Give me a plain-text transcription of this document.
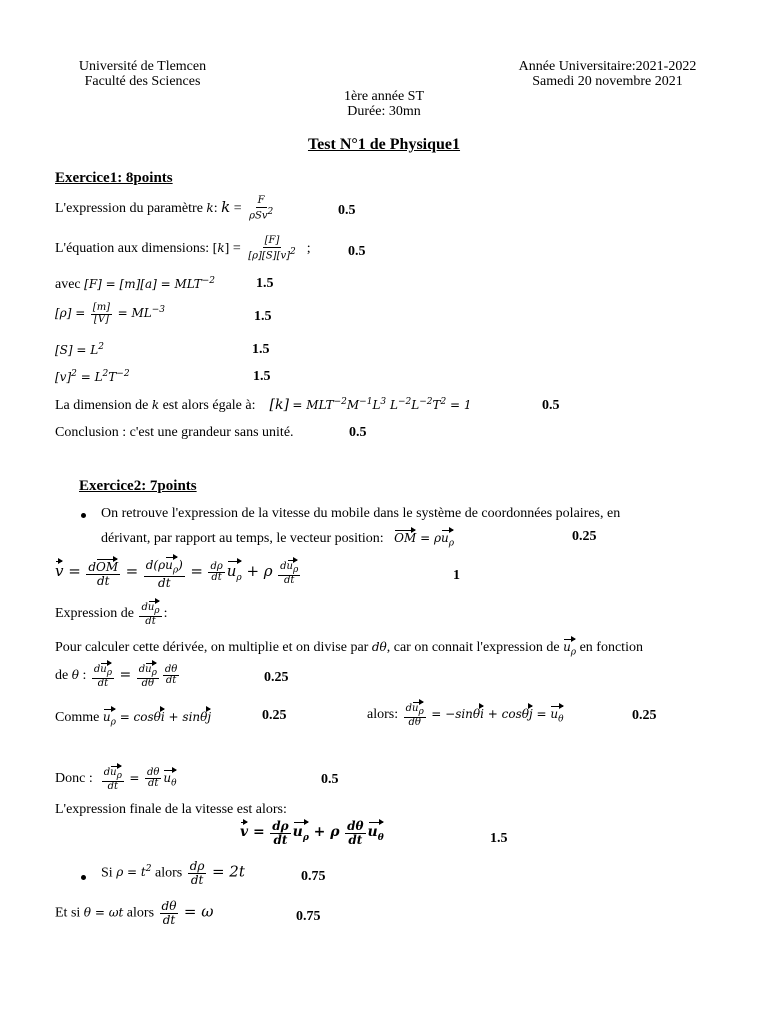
Université de Tlemcen
Faculté des Sciences
Année Universitaire:2021-2022
Samedi 20 novembre 2021
1ère année ST
Durée: 30mn
Test N°1 de Physique1
Exercice1: 8points
L'expression du paramètre k: $k = \frac{F}{\rho Sv^2}$	0.5
L'équation aux dimensions: $[k] = \frac{[F]}{[\rho][S][v]^2}$ ;	0.5
avec $[F] = [m][a] = MLT^{-2}$	1.5
$[\rho] = \frac{[m]}{[V]} = ML^{-3}$	1.5
$[S] = L^2$	1.5
$[v]^2 = L^2T^{-2}$	1.5
La dimension de k est alors égale à: $[k] = MLT^{-2}M^{-1}L^3$ $L^{-2}L^{-2}T^2 = 1$	0.5
Conclusion : c'est une grandeur sans unité.	0.5
Exercice2: 7points
On retrouve l'expression de la vitesse du mobile dans le système de coordonnées polaires, en
dérivant, par rapport au temps, le vecteur position: OM = $\rho u_\rho$	0.25
$v = \frac{\text{dOM}}{dt} = \frac{d(\rho u_\rho)}{dt} = \frac{d\rho}{dt} u_\rho + \rho \frac{du_\rho}{dt}$	1
Expression de $\frac{du_\rho}{dt}$ :
Pour calculer cette dérivée, on multiplie et on divise par dθ, car on connait l'expression de $u_\rho$ en fonction
de θ : $\frac{du_\rho}{dt} = \frac{du_\rho}{d\theta} \frac{d\theta}{dt}$	0.25
Comme $u_\rho = \cos\theta i + \sin\theta j$	0.25	alors: $\frac{du_\rho}{d\theta} = -\sin\theta i + \cos\theta j = u_\theta$	0.25
Donc : $\frac{du_\rho}{dt} = \frac{d\theta}{dt} u_\theta$	0.5
L'expression finale de la vitesse est alors:
$v = \frac{d\rho}{dt} u_\rho + \rho \frac{d\theta}{dt} u_\theta$	1.5
Si $\rho = t^2$ alors $\frac{d\rho}{dt} = 2t$	0.75
Et si θ = ωt alors $\frac{d\theta}{dt} = \omega$	0.75
